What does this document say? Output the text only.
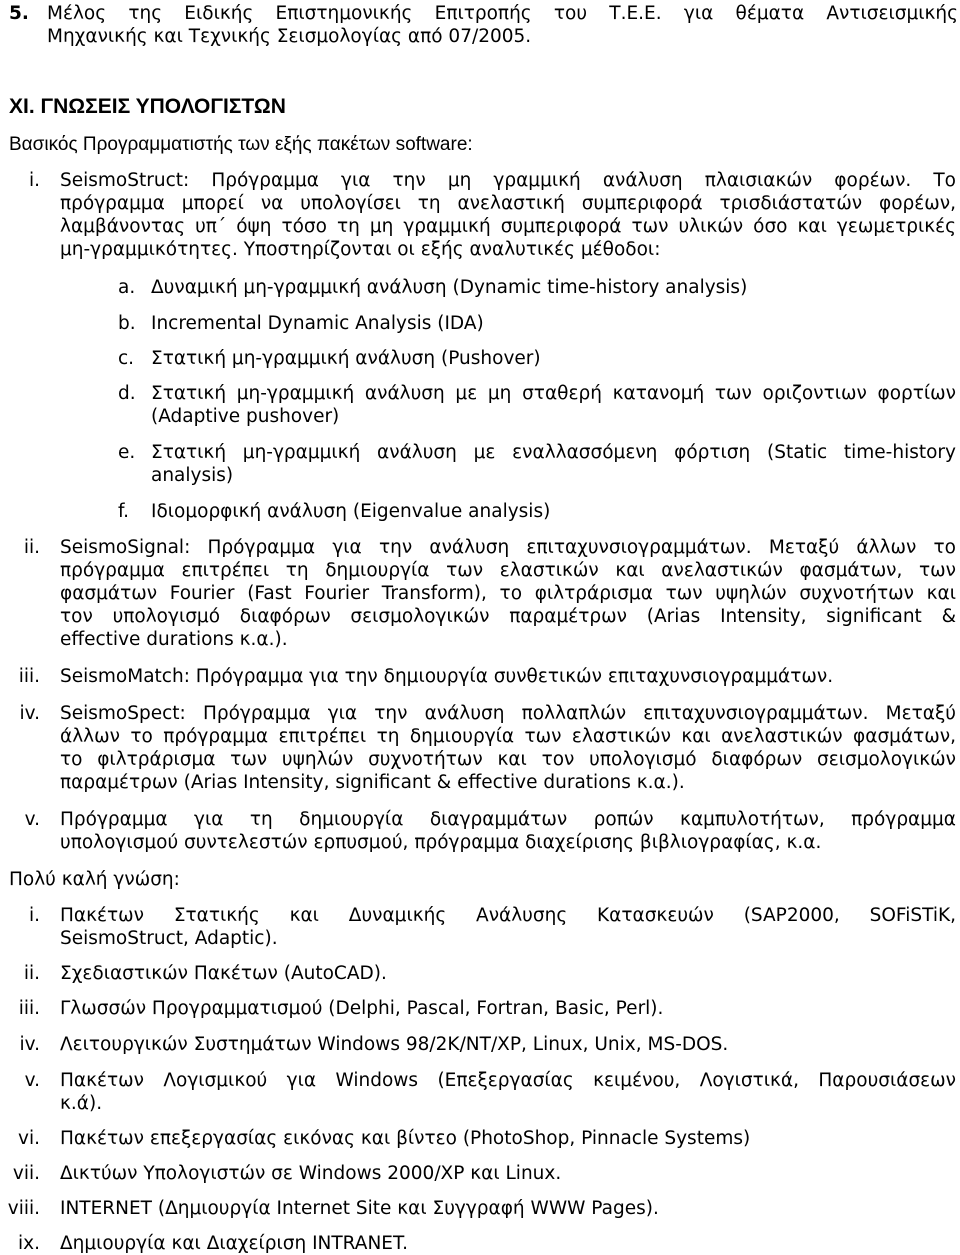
5. Μέλος της Ειδικής Επιστημονικής Επιτροπής του Τ.Ε.Ε. για θέματα Αντισεισμικής
Μηχανικής και Τεχνικής Σεισμολογίας από 07/2005.
XI. ΓΝΩΣΕΙΣ ΥΠΟΛΟΓΙΣΤΩΝ
Βασικός Προγραμματιστής των εξής πακέτων software:
i. SeismoStruct: Πρόγραμμα για την μη γραμμική ανάλυση πλαισιακών φορέων. Το
πρόγραμμα μπορεί να υπολογίσει τη ανελαστική συμπεριφορά τρισδιάστατών φορέων,
λαμβάνοντας υπ΄ όψη τόσο τη μη γραμμική συμπεριφορά των υλικών όσο και γεωμετρικές
μη-γραμμικότητες. Υποστηρίζονται οι εξής αναλυτικές μέθοδοι:
a. Δυναμική μη-γραμμική ανάλυση (Dynamic time-history analysis)
b. Incremental Dynamic Analysis (IDA)
c. Στατική μη-γραμμική ανάλυση (Pushover)
d. Στατική μη-γραμμική ανάλυση με μη σταθερή κατανομή των οριζοντιων φορτίων
(Adaptive pushover)
e. Στατική μη-γραμμική ανάλυση με εναλλασσόμενη φόρτιση (Static time-history
analysis)
f.	Ιδιομορφική ανάλυση (Eigenvalue analysis)
ii. SeismoSignal: Πρόγραμμα για την ανάλυση επιταχυνσιογραμμάτων. Μεταξύ άλλων το
πρόγραμμα επιτρέπει τη δημιουργία των ελαστικών και ανελαστικών φασμάτων, των
φασμάτων Fourier (Fast Fourier Transform), το φιλτράρισμα των υψηλών συχνοτήτων και
τον υπολογισμό διαφόρων σεισμολογικών παραμέτρων (Arias Intensity, significant &
effective durations κ.α.).
iii. SeismoMatch: Πρόγραμμα για την δημιουργία συνθετικών επιταχυνσιογραμμάτων.
iv. SeismoSpect: Πρόγραμμα για την ανάλυση πολλαπλών επιταχυνσιογραμμάτων. Μεταξύ
άλλων το πρόγραμμα επιτρέπει τη δημιουργία των ελαστικών και ανελαστικών φασμάτων,
το φιλτράρισμα των υψηλών συχνοτήτων και τον υπολογισμό διαφόρων σεισμολογικών
παραμέτρων (Arias Intensity, significant & effective durations κ.α.).
v. Πρόγραμμα για τη δημιουργία διαγραμμάτων ροπών καμπυλοτήτων, πρόγραμμα
υπολογισμού συντελεστών ερπυσμού, πρόγραμμα διαχείρισης βιβλιογραφίας, κ.α.
Πολύ καλή γνώση:
i. Πακέτων Στατικής και Δυναμικής Ανάλυσης Κατασκευών (SAP2000, SOFiSTiK,
SeismoStruct, Adaptic).
ii. Σχεδιαστικών Πακέτων (AutoCAD).
iii. Γλωσσών Προγραμματισμού (Delphi, Pascal, Fortran, Basic, Perl).
iv. Λειτουργικών Συστημάτων Windows 98/2K/NT/XP, Linux, Unix, MS-DOS.
v. Πακέτων Λογισμικού για Windows (Επεξεργασίας κειμένου, Λογιστικά, Παρουσιάσεων
κ.ά).
vi. Πακέτων επεξεργασίας εικόνας και βίντεο (PhotoShop, Pinnacle Systems)
vii. Δικτύων Υπολογιστών σε Windows 2000/XP και Linux.
viii. INTERNET (Δημιουργία Internet Site και Συγγραφή WWW Pages).
ix. Δημιουργία και Διαχείριση INTRANET.
